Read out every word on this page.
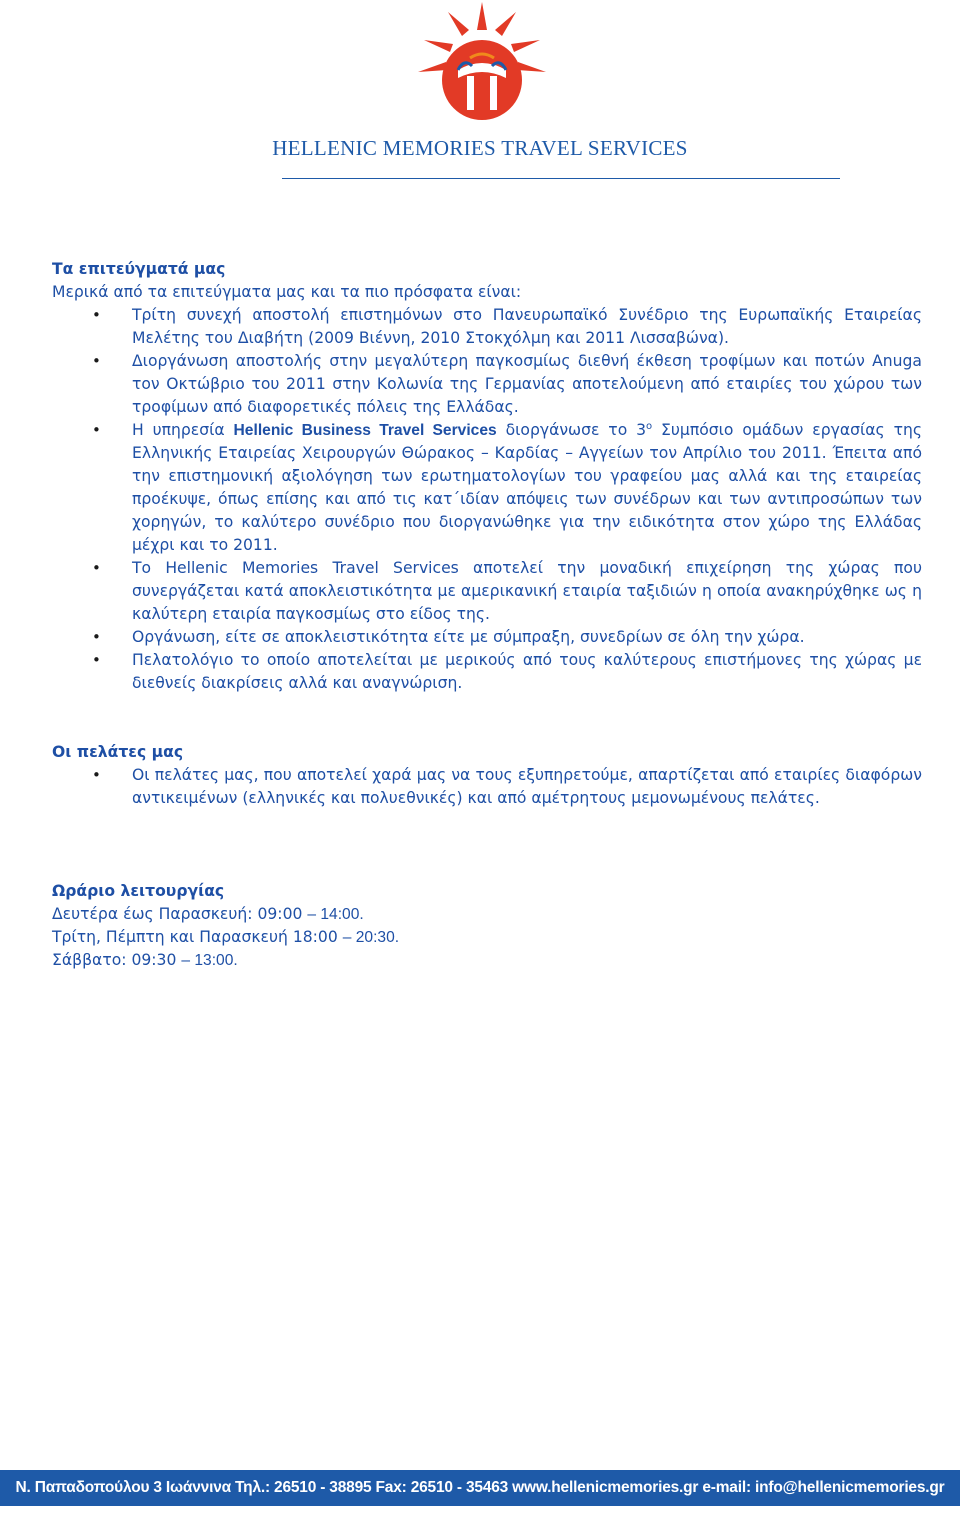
HELLENIC MEMORIES TRAVEL SERVICES

Τα επιτεύγματά μας

Μερικά από τα επιτεύγματα μας και τα πιο πρόσφατα είναι:

• Τρίτη συνεχή αποστολή επιστημόνων στο Πανευρωπαϊκό Συνέδριο της Ευρωπαϊκής Εταιρείας Μελέτης του Διαβήτη (2009 Βιέννη, 2010 Στοκχόλμη και 2011 Λισσαβώνα).
• Διοργάνωση αποστολής στην μεγαλύτερη παγκοσμίως διεθνή έκθεση τροφίμων και ποτών Anuga τον Οκτώβριο του 2011 στην Κολωνία της Γερμανίας αποτελούμενη από εταιρίες του χώρου των τροφίμων από διαφορετικές πόλεις της Ελλάδας.
• Η υπηρεσία Hellenic Business Travel Services διοργάνωσε το $3^o$ Συμπόσιο ομάδων εργασίας της Ελληνικής Εταιρείας Χειρουργών Θώρακος – Καρδίας – Αγγείων τον Απρίλιο του 2011. Έπειτα από την επιστημονική αξιολόγηση των ερωτηματολογίων του γραφείου μας αλλά και της εταιρείας προέκυψε, όπως επίσης και από τις κατ΄ιδίαν απόψεις των συνέδρων και των αντιπροσώπων των χορηγών, το καλύτερο συνέδριο που διοργανώθηκε για την ειδικότητα στον χώρο της Ελλάδας μέχρι και το 2011.
• Το Hellenic Memories Travel Services αποτελεί την μοναδική επιχείρηση της χώρας που συνεργάζεται κατά αποκλειστικότητα με αμερικανική εταιρία ταξιδιών η οποία ανακηρύχθηκε ως η καλύτερη εταιρία παγκοσμίως στο είδος της.
• Οργάνωση, είτε σε αποκλειστικότητα είτε με σύμπραξη, συνεδρίων σε όλη την χώρα.
• Πελατολόγιο το οποίο αποτελείται με μερικούς από τους καλύτερους επιστήμονες της χώρας με διεθνείς διακρίσεις αλλά και αναγνώριση.

Οι πελάτες μας

• Οι πελάτες μας, που αποτελεί χαρά μας να τους εξυπηρετούμε, απαρτίζεται από εταιρίες διαφόρων αντικειμένων (ελληνικές και πολυεθνικές) και από αμέτρητους μεμονωμένους πελάτες.

Ωράριο λειτουργίας

Δευτέρα έως Παρασκευή: 09:00 – 14:00.

Τρίτη, Πέμπτη και Παρασκευή 18:00 – 20:30.

Σάββατο: 09:30 – 13:00.

Ν. Παπαδοπούλου 3 Ιωάννινα Τηλ.: 26510 - 38895 Fax: 26510 - 35463 www.hellenicmemories.gr e-mail: info@hellenicmemories.gr
